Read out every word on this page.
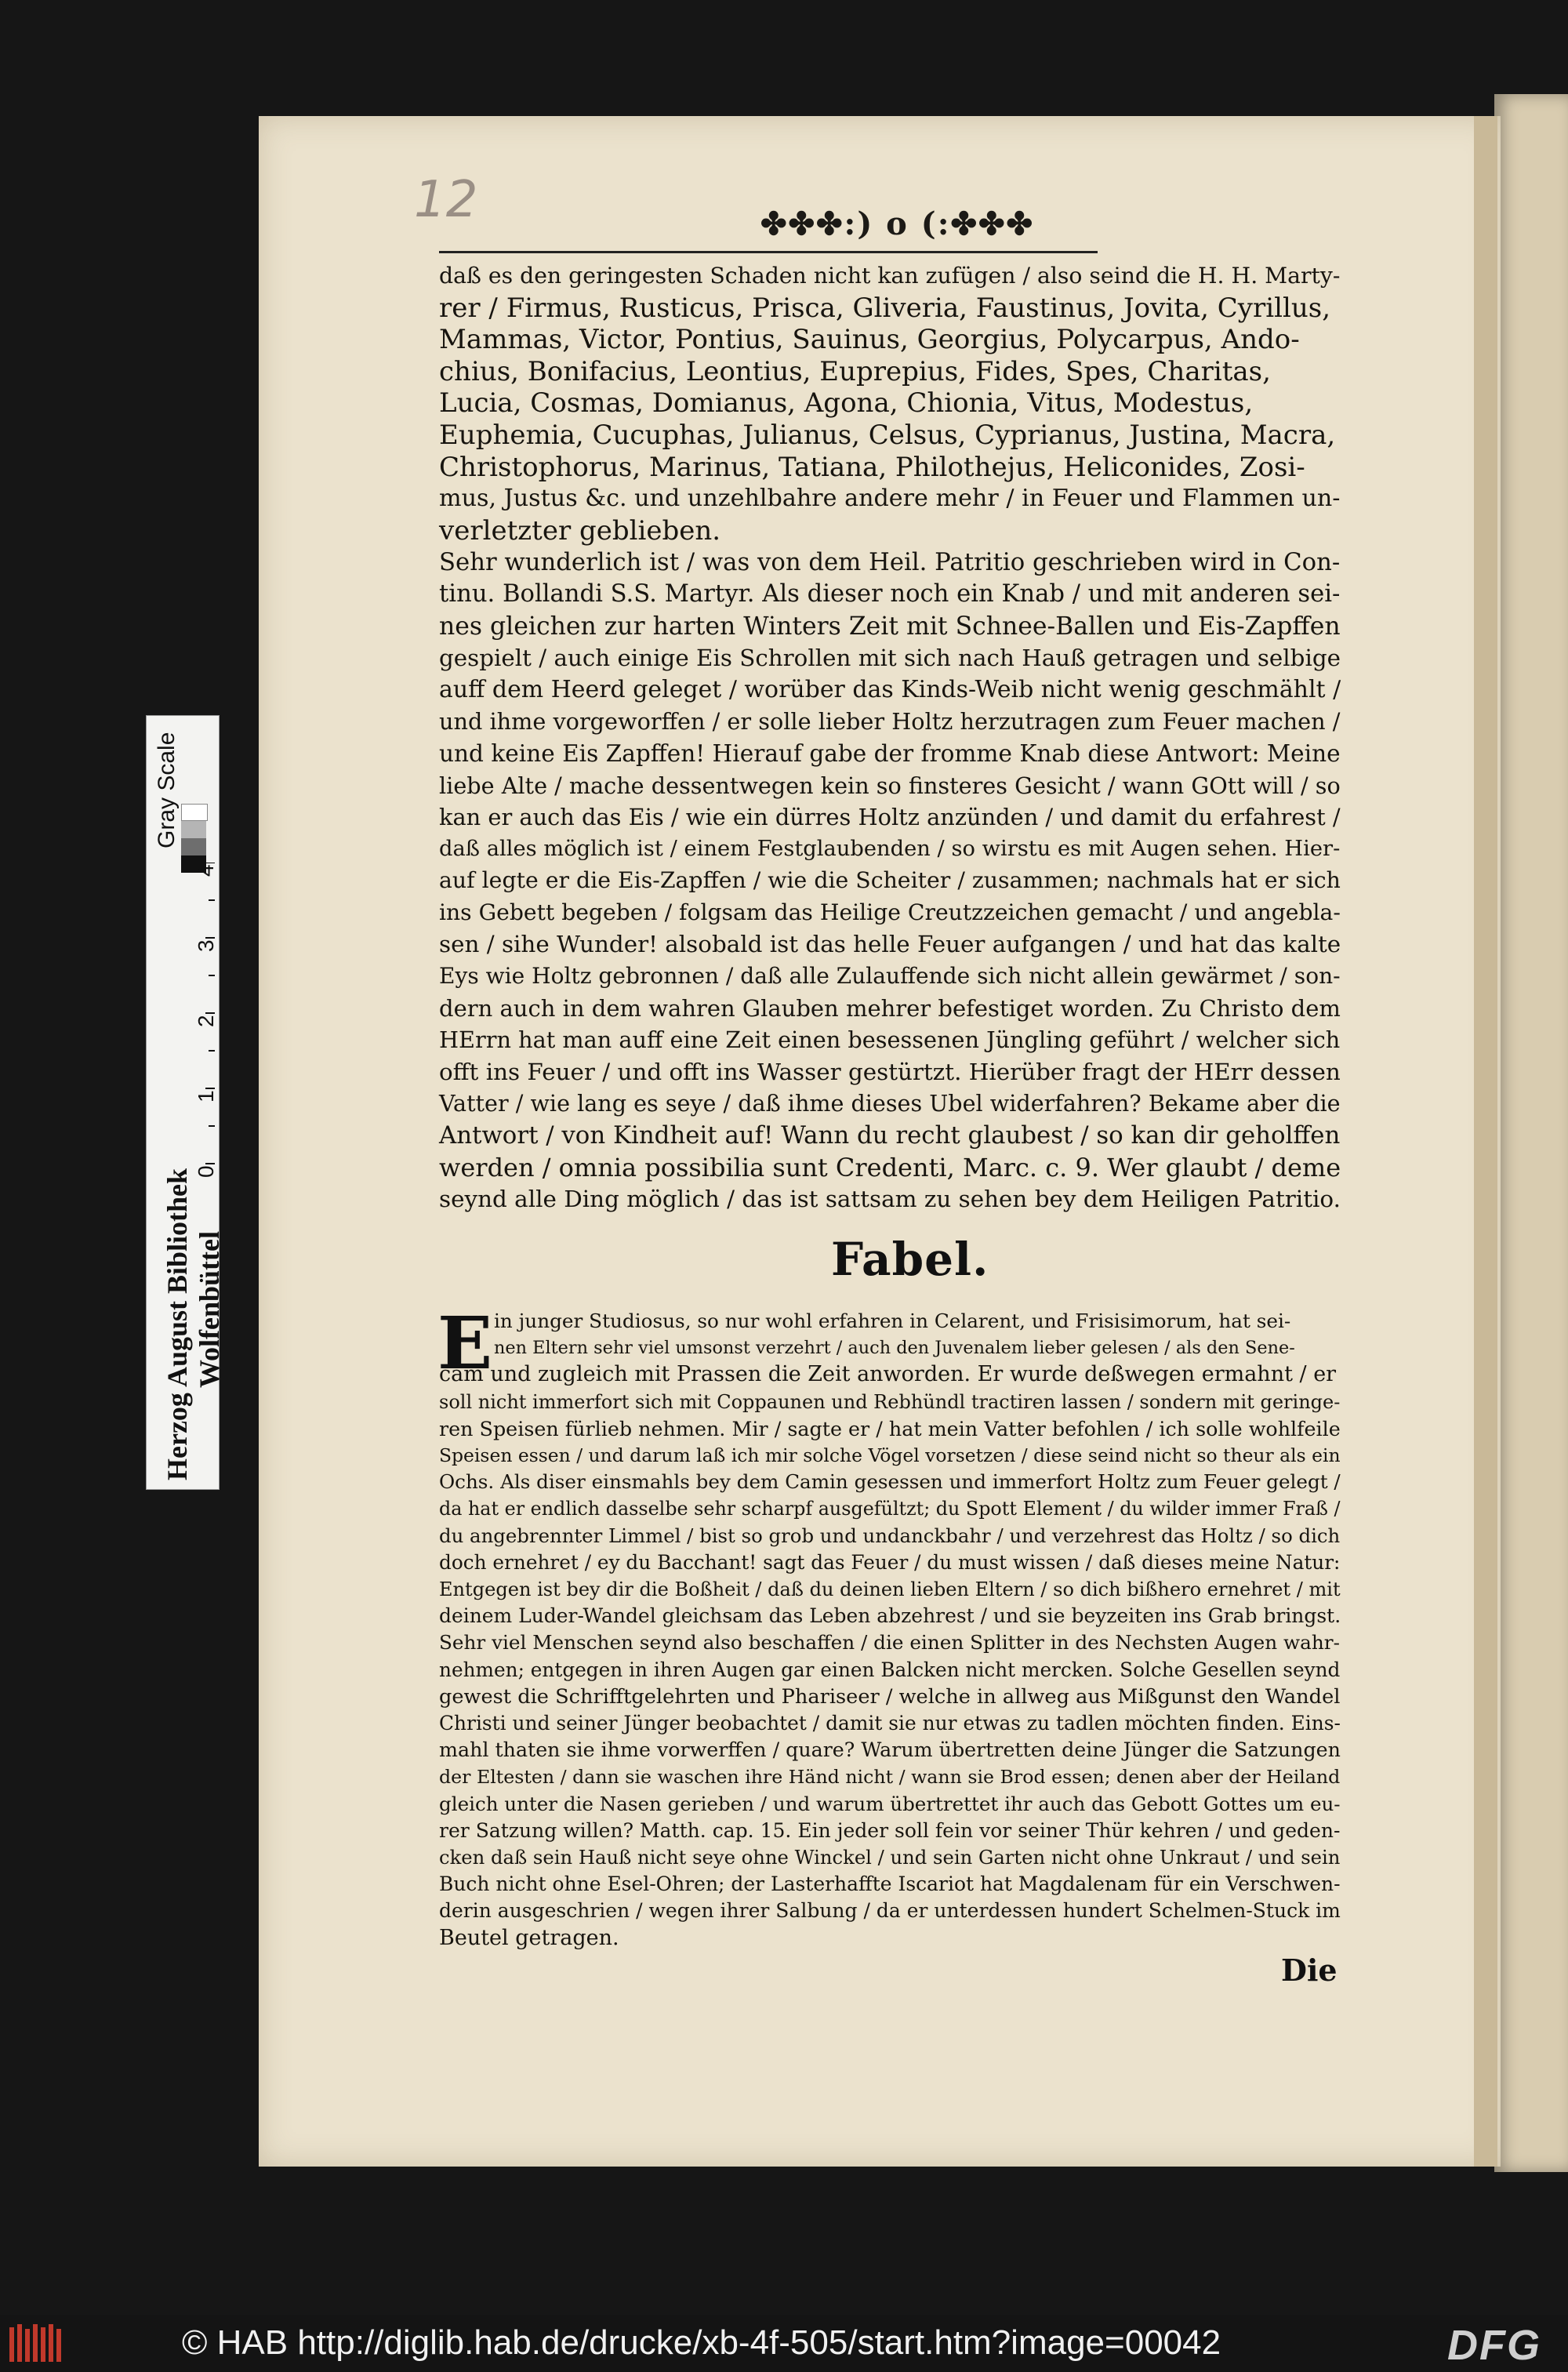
12	✤✤✤:) o (:✤✤✤
daß es den geringesten Schaden nicht kan zufügen / also seind die H. H. Marty-
rer / Firmus, Rusticus, Prisca, Gliveria, Faustinus, Jovita, Cyrillus,
Mammas, Victor, Pontius, Sauinus, Georgius, Polycarpus, Ando-
chius, Bonifacius, Leontius, Euprepius, Fides, Spes, Charitas,
Lucia, Cosmas, Domianus, Agona, Chionia, Vitus, Modestus,
Euphemia, Cucuphas, Julianus, Celsus, Cyprianus, Justina, Macra,
Christophorus, Marinus, Tatiana, Philothejus, Heliconides, Zosi-
mus, Justus &c. und unzehlbahre andere mehr / in Feuer und Flammen un-
verletzter geblieben.
Sehr wunderlich ist / was von dem Heil. Patritio geschrieben wird in Con-
tinu. Bollandi S.S. Martyr. Als dieser noch ein Knab / und mit anderen sei-
nes gleichen zur harten Winters Zeit mit Schnee-Ballen und Eis-Zapffen
gespielt / auch einige Eis Schrollen mit sich nach Hauß getragen und selbige
auff dem Heerd geleget / worüber das Kinds-Weib nicht wenig geschmählt /
und ihme vorgeworffen / er solle lieber Holtz herzutragen zum Feuer machen /
und keine Eis Zapffen! Hierauf gabe der fromme Knab diese Antwort: Meine
liebe Alte / mache dessentwegen kein so finsteres Gesicht / wann GOtt will / so
kan er auch das Eis / wie ein dürres Holtz anzünden / und damit du erfahrest /
daß alles möglich ist / einem Festglaubenden / so wirstu es mit Augen sehen. Hier-
auf legte er die Eis-Zapffen / wie die Scheiter / zusammen; nachmals hat er sich
ins Gebett begeben / folgsam das Heilige Creutzzeichen gemacht / und angebla-
sen / sihe Wunder! alsobald ist das helle Feuer aufgangen / und hat das kalte
Eys wie Holtz gebronnen / daß alle Zulauffende sich nicht allein gewärmet / son-
dern auch in dem wahren Glauben mehrer befestiget worden. Zu Christo dem
HErrn hat man auff eine Zeit einen besessenen Jüngling geführt / welcher sich
offt ins Feuer / und offt ins Wasser gestürtzt. Hierüber fragt der HErr dessen
Vatter / wie lang es seye / daß ihme dieses Ubel widerfahren? Bekame aber die
Antwort / von Kindheit auf! Wann du recht glaubest / so kan dir geholffen
werden / omnia possibilia sunt Credenti, Marc. c. 9. Wer glaubt / deme
seynd alle Ding möglich / das ist sattsam zu sehen bey dem Heiligen Patritio.
Fabel.
E in junger Studiosus, so nur wohl erfahren in Celarent, und Frisisimorum, hat sei-
nen Eltern sehr viel umsonst verzehrt / auch den Juvenalem lieber gelesen / als den Sene-
cam und zugleich mit Prassen die Zeit anworden. Er wurde deßwegen ermahnt / er
soll nicht immerfort sich mit Coppaunen und Rebhündl tractiren lassen / sondern mit geringe-
ren Speisen fürlieb nehmen. Mir / sagte er / hat mein Vatter befohlen / ich solle wohlfeile
Speisen essen / und darum laß ich mir solche Vögel vorsetzen / diese seind nicht so theur als ein
Ochs. Als diser einsmahls bey dem Camin gesessen und immerfort Holtz zum Feuer gelegt /
da hat er endlich dasselbe sehr scharpf ausgefültzt; du Spott Element / du wilder immer Fraß /
du angebrennter Limmel / bist so grob und undanckbahr / und verzehrest das Holtz / so dich
doch ernehret / ey du Bacchant! sagt das Feuer / du must wissen / daß dieses meine Natur:
Entgegen ist bey dir die Boßheit / daß du deinen lieben Eltern / so dich bißhero ernehret / mit
deinem Luder-Wandel gleichsam das Leben abzehrest / und sie beyzeiten ins Grab bringst.
Sehr viel Menschen seynd also beschaffen / die einen Splitter in des Nechsten Augen wahr-
nehmen; entgegen in ihren Augen gar einen Balcken nicht mercken. Solche Gesellen seynd
gewest die Schrifftgelehrten und Phariseer / welche in allweg aus Mißgunst den Wandel
Christi und seiner Jünger beobachtet / damit sie nur etwas zu tadlen möchten finden. Eins-
mahl thaten sie ihme vorwerffen / quare? Warum übertretten deine Jünger die Satzungen
der Eltesten / dann sie waschen ihre Händ nicht / wann sie Brod essen; denen aber der Heiland
gleich unter die Nasen gerieben / und warum übertrettet ihr auch das Gebott Gottes um eu-
rer Satzung willen? Matth. cap. 15. Ein jeder soll fein vor seiner Thür kehren / und geden-
cken daß sein Hauß nicht seye ohne Winckel / und sein Garten nicht ohne Unkraut / und sein
Buch nicht ohne Esel-Ohren; der Lasterhaffte Iscariot hat Magdalenam für ein Verschwen-
derin ausgeschrien / wegen ihrer Salbung / da er unterdessen hundert Schelmen-Stuck im
Beutel getragen.
Die
Gray Scale
4
3
2
1
0
Herzog August Bibliothek Wolfenbüttel
© HAB http://diglib.hab.de/drucke/xb-4f-505/start.htm?image=00042	DFG
